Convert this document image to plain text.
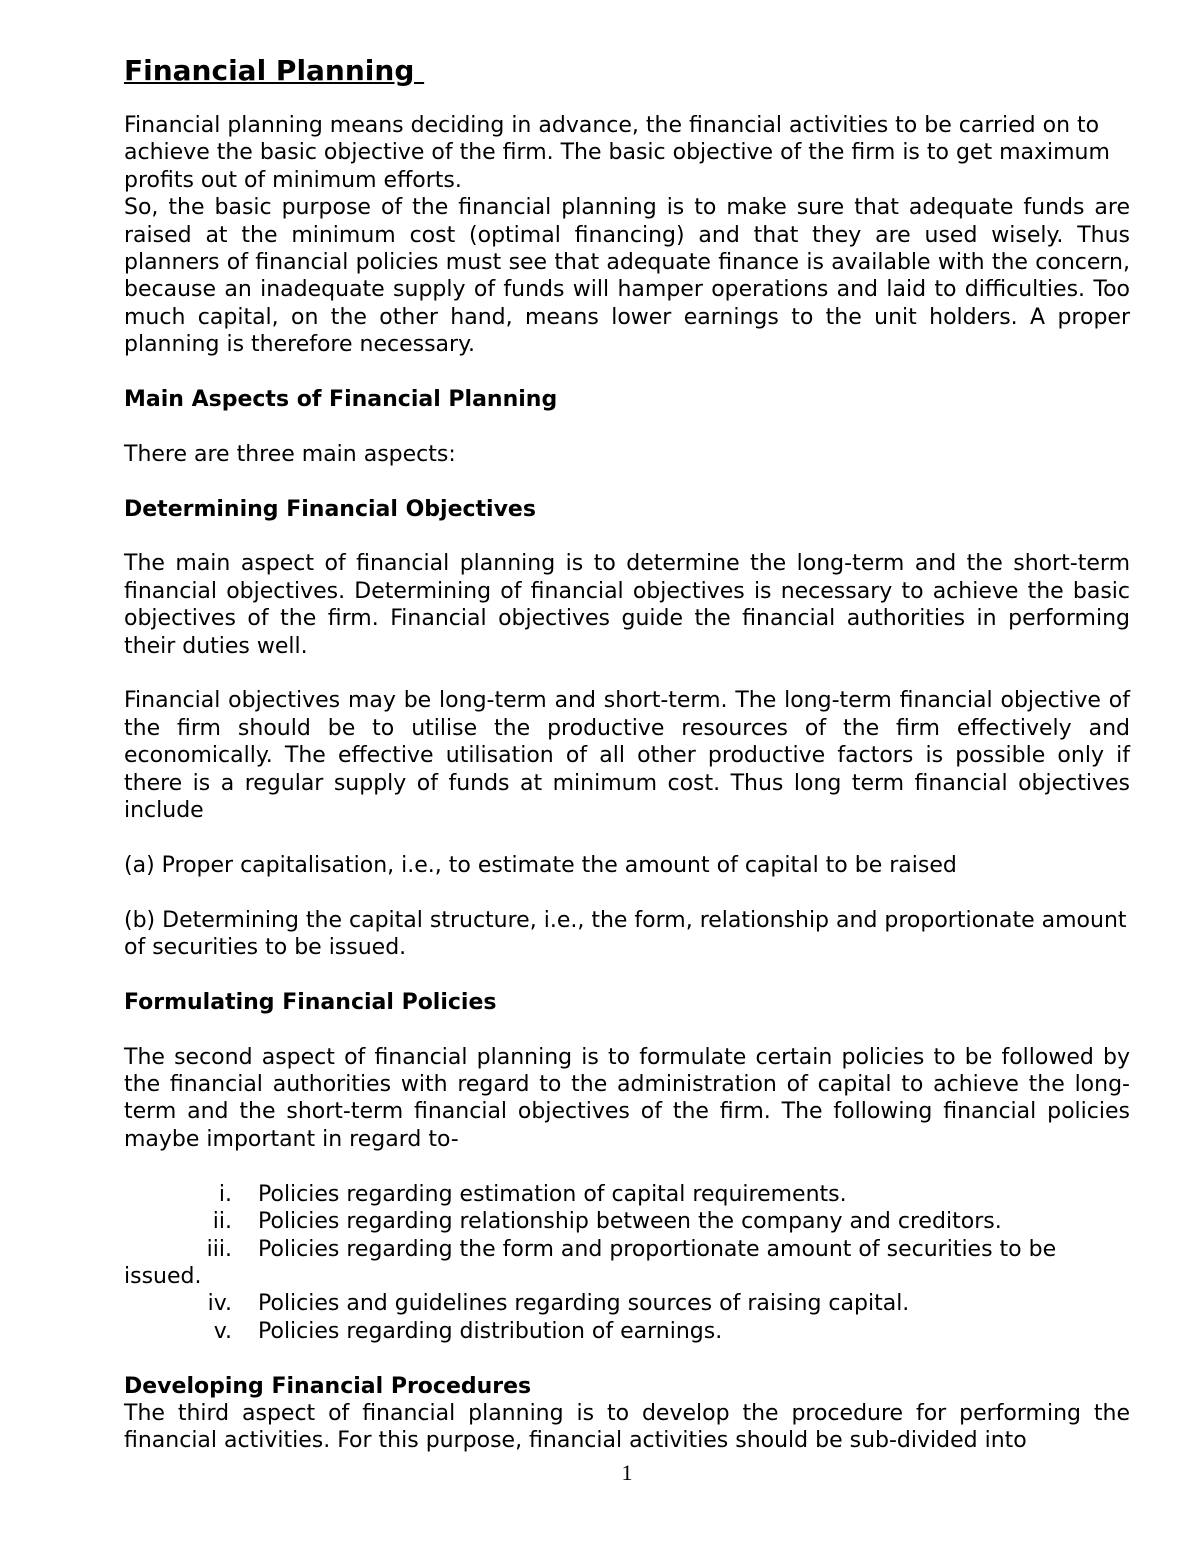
Financial Planning

Financial planning means deciding in advance, the financial activities to be carried on to achieve the basic objective of the firm. The basic objective of the firm is to get maximum profits out of minimum efforts.

So, the basic purpose of the financial planning is to make sure that adequate funds are raised at the minimum cost (optimal financing) and that they are used wisely. Thus planners of financial policies must see that adequate finance is available with the concern, because an inadequate supply of funds will hamper operations and laid to difficulties. Too much capital, on the other hand, means lower earnings to the unit holders. A proper planning is therefore necessary.

Main Aspects of Financial Planning

There are three main aspects:

Determining Financial Objectives

The main aspect of financial planning is to determine the long-term and the short-term financial objectives. Determining of financial objectives is necessary to achieve the basic objectives of the firm. Financial objectives guide the financial authorities in performing their duties well.

Financial objectives may be long-term and short-term. The long-term financial objective of the firm should be to utilise the productive resources of the firm effectively and economically. The effective utilisation of all other productive factors is possible only if there is a regular supply of funds at minimum cost. Thus long term financial objectives include

(a) Proper capitalisation, i.e., to estimate the amount of capital to be raised

(b) Determining the capital structure, i.e., the form, relationship and proportionate amount of securities to be issued.

Formulating Financial Policies

The second aspect of financial planning is to formulate certain policies to be followed by the financial authorities with regard to the administration of capital to achieve the long-term and the short-term financial objectives of the firm. The following financial policies maybe important in regard to-

i. Policies regarding estimation of capital requirements.
ii. Policies regarding relationship between the company and creditors.
iii. Policies regarding the form and proportionate amount of securities to be
issued.
iv. Policies and guidelines regarding sources of raising capital.
v. Policies regarding distribution of earnings.

Developing Financial Procedures

The third aspect of financial planning is to develop the procedure for performing the financial activities. For this purpose, financial activities should be sub-divided into

1
